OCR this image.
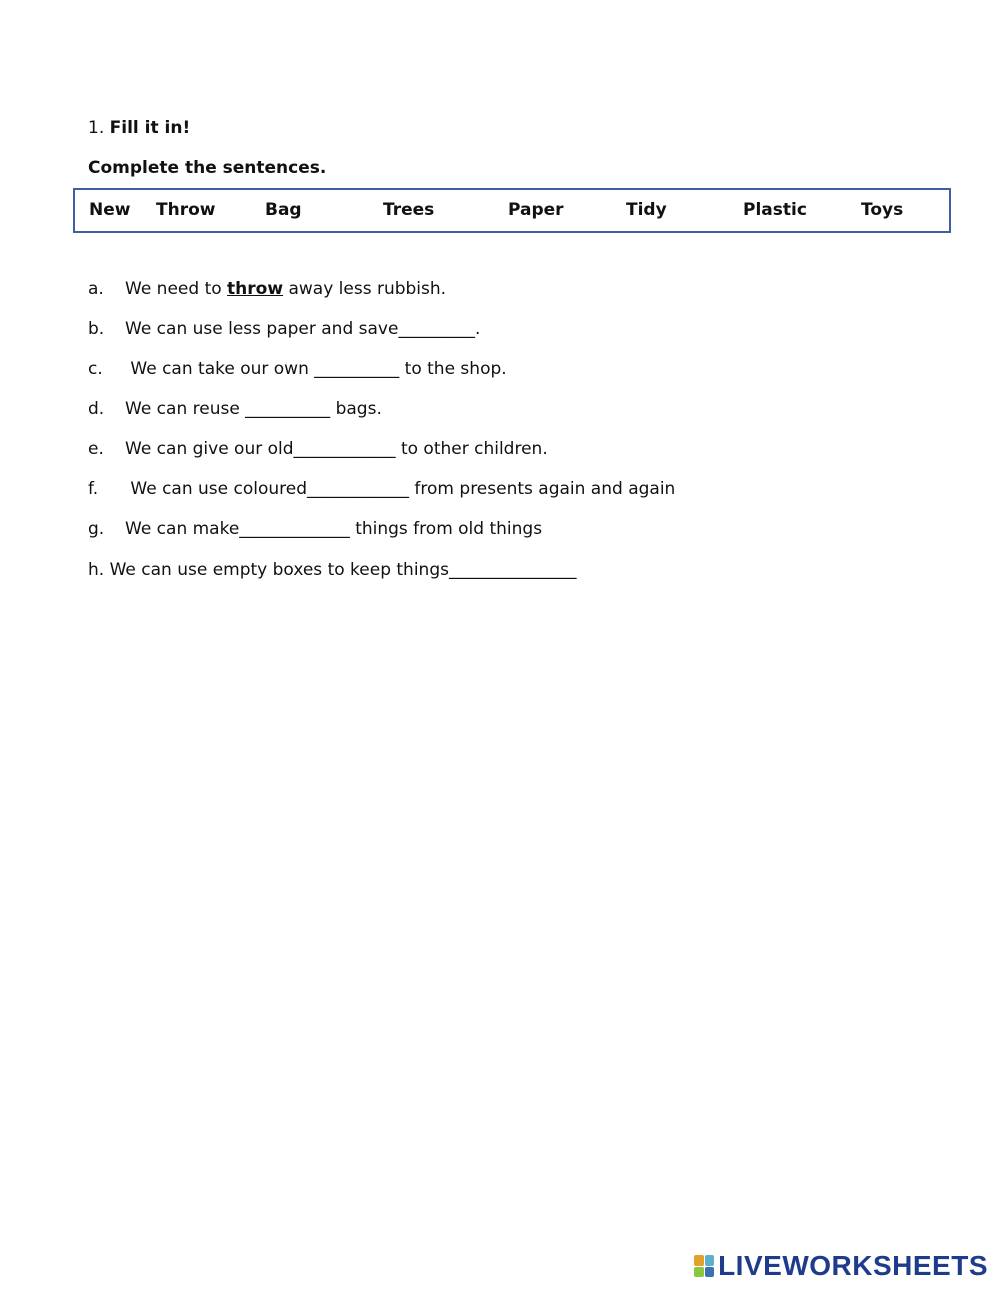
1. Fill it in!
Complete the sentences.
New Throw	Bag	Trees	Paper	Tidy	Plastic	Toys
a. We need to throw away less rubbish.
b. We can use less paper and save_________.
c. We can take our own __________ to the shop.
d. We can reuse __________ bags.
e. We can give our old____________ to other children.
f. We can use coloured____________ from presents again and again
g. We can make_____________ things from old things
h. We can use empty boxes to keep things_______________
LIVEWORKSHEETS
